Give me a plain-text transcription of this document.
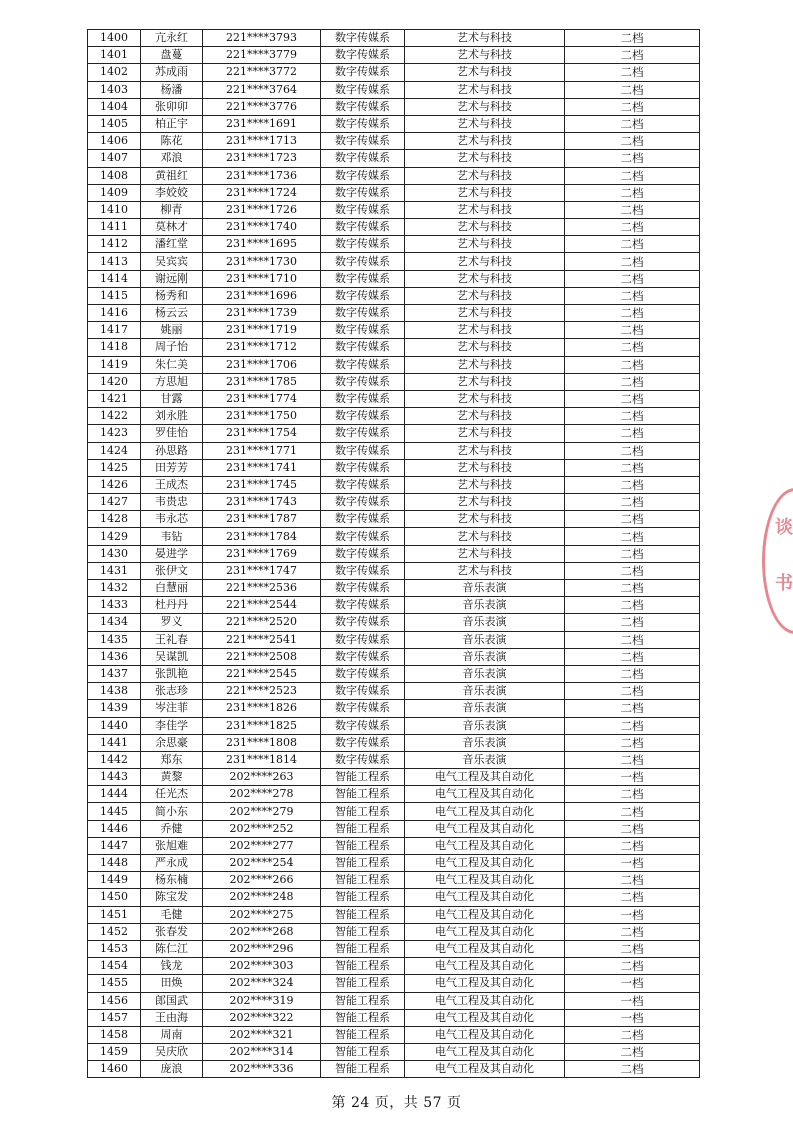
1400	亢永红	221****3793	数字传媒系	艺术与科技	二档
1401	盘蔓	221****3779	数字传媒系	艺术与科技	二档
1402	苏成雨	221****3772	数字传媒系	艺术与科技	二档
1403	杨潘	221****3764	数字传媒系	艺术与科技	二档
1404	张卯卯	221****3776	数字传媒系	艺术与科技	二档
1405	柏正宇	231****1691	数字传媒系	艺术与科技	二档
1406	陈花	231****1713	数字传媒系	艺术与科技	二档
1407	邓浪	231****1723	数字传媒系	艺术与科技	二档
1408	黄祖红	231****1736	数字传媒系	艺术与科技	二档
1409	李姣姣	231****1724	数字传媒系	艺术与科技	二档
1410	柳青	231****1726	数字传媒系	艺术与科技	二档
1411	莫林才	231****1740	数字传媒系	艺术与科技	二档
1412	潘红堂	231****1695	数字传媒系	艺术与科技	二档
1413	吴宾宾	231****1730	数字传媒系	艺术与科技	二档
1414	谢远刚	231****1710	数字传媒系	艺术与科技	二档
1415	杨秀和	231****1696	数字传媒系	艺术与科技	二档
1416	杨云云	231****1739	数字传媒系	艺术与科技	二档
1417	姚丽	231****1719	数字传媒系	艺术与科技	二档
1418	周子怡	231****1712	数字传媒系	艺术与科技	二档
1419	朱仁美	231****1706	数字传媒系	艺术与科技	二档
1420	方思旭	231****1785	数字传媒系	艺术与科技	二档
1421	甘露	231****1774	数字传媒系	艺术与科技	二档
1422	刘永胜	231****1750	数字传媒系	艺术与科技	二档
1423	罗佳怡	231****1754	数字传媒系	艺术与科技	二档
1424	孙思路	231****1771	数字传媒系	艺术与科技	二档
1425	田芳芳	231****1741	数字传媒系	艺术与科技	二档
1426	王成杰	231****1745	数字传媒系	艺术与科技	二档
1427	韦贵忠	231****1743	数字传媒系	艺术与科技	二档
1428	韦永芯	231****1787	数字传媒系	艺术与科技	二档
1429	韦钻	231****1784	数字传媒系	艺术与科技	二档
1430	晏进学	231****1769	数字传媒系	艺术与科技	二档
1431	张伊文	231****1747	数字传媒系	艺术与科技	二档
1432	白慧丽	221****2536	数字传媒系	音乐表演	二档
1433	杜丹丹	221****2544	数字传媒系	音乐表演	二档
1434	罗义	221****2520	数字传媒系	音乐表演	二档
1435	王礼春	221****2541	数字传媒系	音乐表演	二档
1436	吴谋凯	221****2508	数字传媒系	音乐表演	二档
1437	张凯艳	221****2545	数字传媒系	音乐表演	二档
1438	张志珍	221****2523	数字传媒系	音乐表演	二档
1439	岑注菲	231****1826	数字传媒系	音乐表演	二档
1440	李佳学	231****1825	数字传媒系	音乐表演	二档
1441	余思豪	231****1808	数字传媒系	音乐表演	二档
1442	郑东	231****1814	数字传媒系	音乐表演	二档
1443	黄黎	202****263	智能工程系	电气工程及其自动化	一档
1444	任光杰	202****278	智能工程系	电气工程及其自动化	二档
1445	简小东	202****279	智能工程系	电气工程及其自动化	二档
1446	乔健	202****252	智能工程系	电气工程及其自动化	二档
1447	张旭难	202****277	智能工程系	电气工程及其自动化	二档
1448	严永成	202****254	智能工程系	电气工程及其自动化	一档
1449	杨东楠	202****266	智能工程系	电气工程及其自动化	二档
1450	陈宝发	202****248	智能工程系	电气工程及其自动化	二档
1451	毛健	202****275	智能工程系	电气工程及其自动化	一档
1452	张春发	202****268	智能工程系	电气工程及其自动化	二档
1453	陈仁江	202****296	智能工程系	电气工程及其自动化	二档
1454	钱龙	202****303	智能工程系	电气工程及其自动化	二档
1455	田焕	202****324	智能工程系	电气工程及其自动化	一档
1456	郎国武	202****319	智能工程系	电气工程及其自动化	一档
1457	王由海	202****322	智能工程系	电气工程及其自动化	一档
1458	周南	202****321	智能工程系	电气工程及其自动化	二档
1459	吴庆欣	202****314	智能工程系	电气工程及其自动化	二档
1460	庞浪	202****336	智能工程系	电气工程及其自动化	二档
谈
书
第 24 页，共 57 页
